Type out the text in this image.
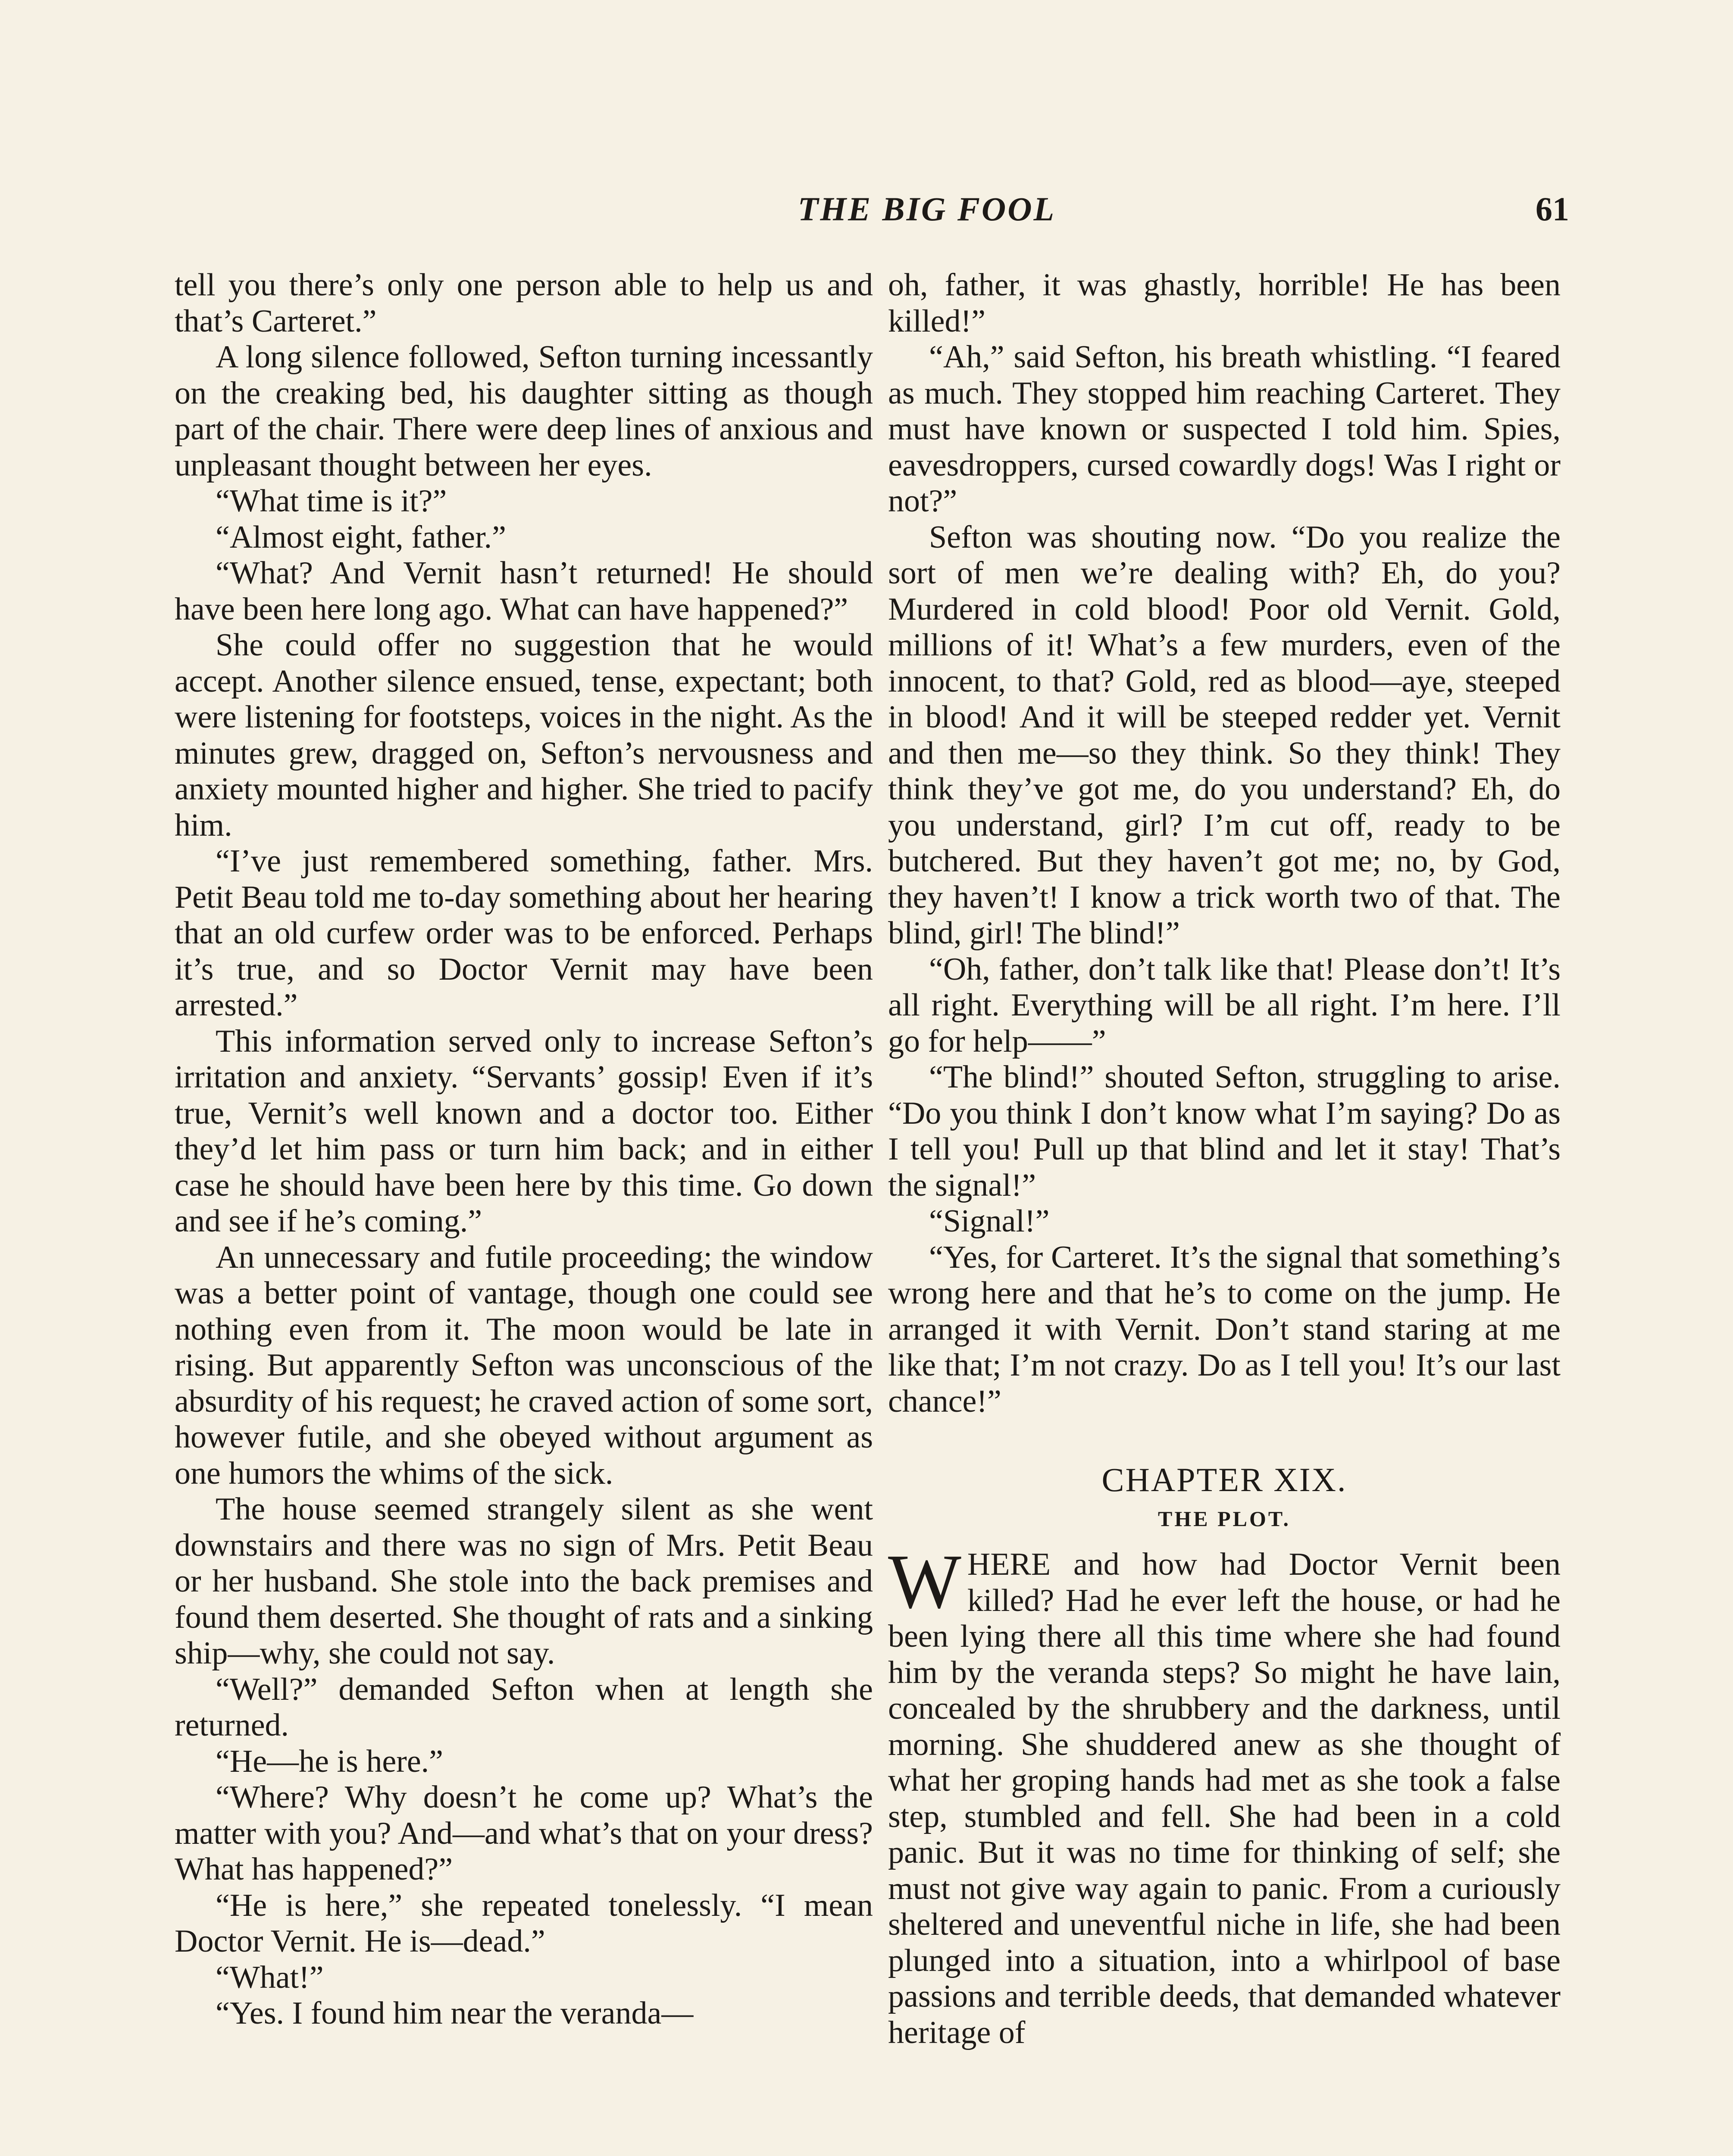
THE BIG FOOL	61

tell you there’s only one person able to help us and that’s Carteret.”

A long silence followed, Sefton turning incessantly on the creaking bed, his daughter sitting as though part of the chair. There were deep lines of anxious and unpleasant thought between her eyes.

“What time is it?”

“Almost eight, father.”

“What? And Vernit hasn’t returned! He should have been here long ago. What can have happened?”

She could offer no suggestion that he would accept. Another silence ensued, tense, expectant; both were listening for footsteps, voices in the night. As the minutes grew, dragged on, Sefton’s nervousness and anxiety mounted higher and higher. She tried to pacify him.

“I’ve just remembered something, father. Mrs. Petit Beau told me to-day something about her hearing that an old curfew order was to be enforced. Perhaps it’s true, and so Doctor Vernit may have been arrested.”

This information served only to increase Sefton’s irritation and anxiety. “Servants’ gossip! Even if it’s true, Vernit’s well known and a doctor too. Either they’d let him pass or turn him back; and in either case he should have been here by this time. Go down and see if he’s coming.”

An unnecessary and futile proceeding; the window was a better point of vantage, though one could see nothing even from it. The moon would be late in rising. But apparently Sefton was unconscious of the absurdity of his request; he craved action of some sort, however futile, and she obeyed without argument as one humors the whims of the sick.

The house seemed strangely silent as she went downstairs and there was no sign of Mrs. Petit Beau or her husband. She stole into the back premises and found them deserted. She thought of rats and a sinking ship—why, she could not say.

“Well?” demanded Sefton when at length she returned.

“He—he is here.”

“Where? Why doesn’t he come up? What’s the matter with you? And—and what’s that on your dress? What has happened?”

“He is here,” she repeated tonelessly. “I mean Doctor Vernit. He is—dead.”

“What!”

“Yes. I found him near the veranda—

oh, father, it was ghastly, horrible! He has been killed!”

“Ah,” said Sefton, his breath whistling. “I feared as much. They stopped him reaching Carteret. They must have known or suspected I told him. Spies, eavesdroppers, cursed cowardly dogs! Was I right or not?”

Sefton was shouting now. “Do you realize the sort of men we’re dealing with? Eh, do you? Murdered in cold blood! Poor old Vernit. Gold, millions of it! What’s a few murders, even of the innocent, to that? Gold, red as blood—aye, steeped in blood! And it will be steeped redder yet. Vernit and then me—so they think. So they think! They think they’ve got me, do you understand? Eh, do you understand, girl? I’m cut off, ready to be butchered. But they haven’t got me; no, by God, they haven’t! I know a trick worth two of that. The blind, girl! The blind!”

“Oh, father, don’t talk like that! Please don’t! It’s all right. Everything will be all right. I’m here. I’ll go for help——”

“The blind!” shouted Sefton, struggling to arise. “Do you think I don’t know what I’m saying? Do as I tell you! Pull up that blind and let it stay! That’s the signal!”

“Signal!”

“Yes, for Carteret. It’s the signal that something’s wrong here and that he’s to come on the jump. He arranged it with Vernit. Don’t stand staring at me like that; I’m not crazy. Do as I tell you! It’s our last chance!”

CHAPTER XIX.
THE PLOT.

WHERE and how had Doctor Vernit been killed? Had he ever left the house, or had he been lying there all this time where she had found him by the veranda steps? So might he have lain, concealed by the shrubbery and the darkness, until morning. She shuddered anew as she thought of what her groping hands had met as she took a false step, stumbled and fell. She had been in a cold panic. But it was no time for thinking of self; she must not give way again to panic. From a curiously sheltered and uneventful niche in life, she had been plunged into a situation, into a whirlpool of base passions and terrible deeds, that demanded whatever heritage of
